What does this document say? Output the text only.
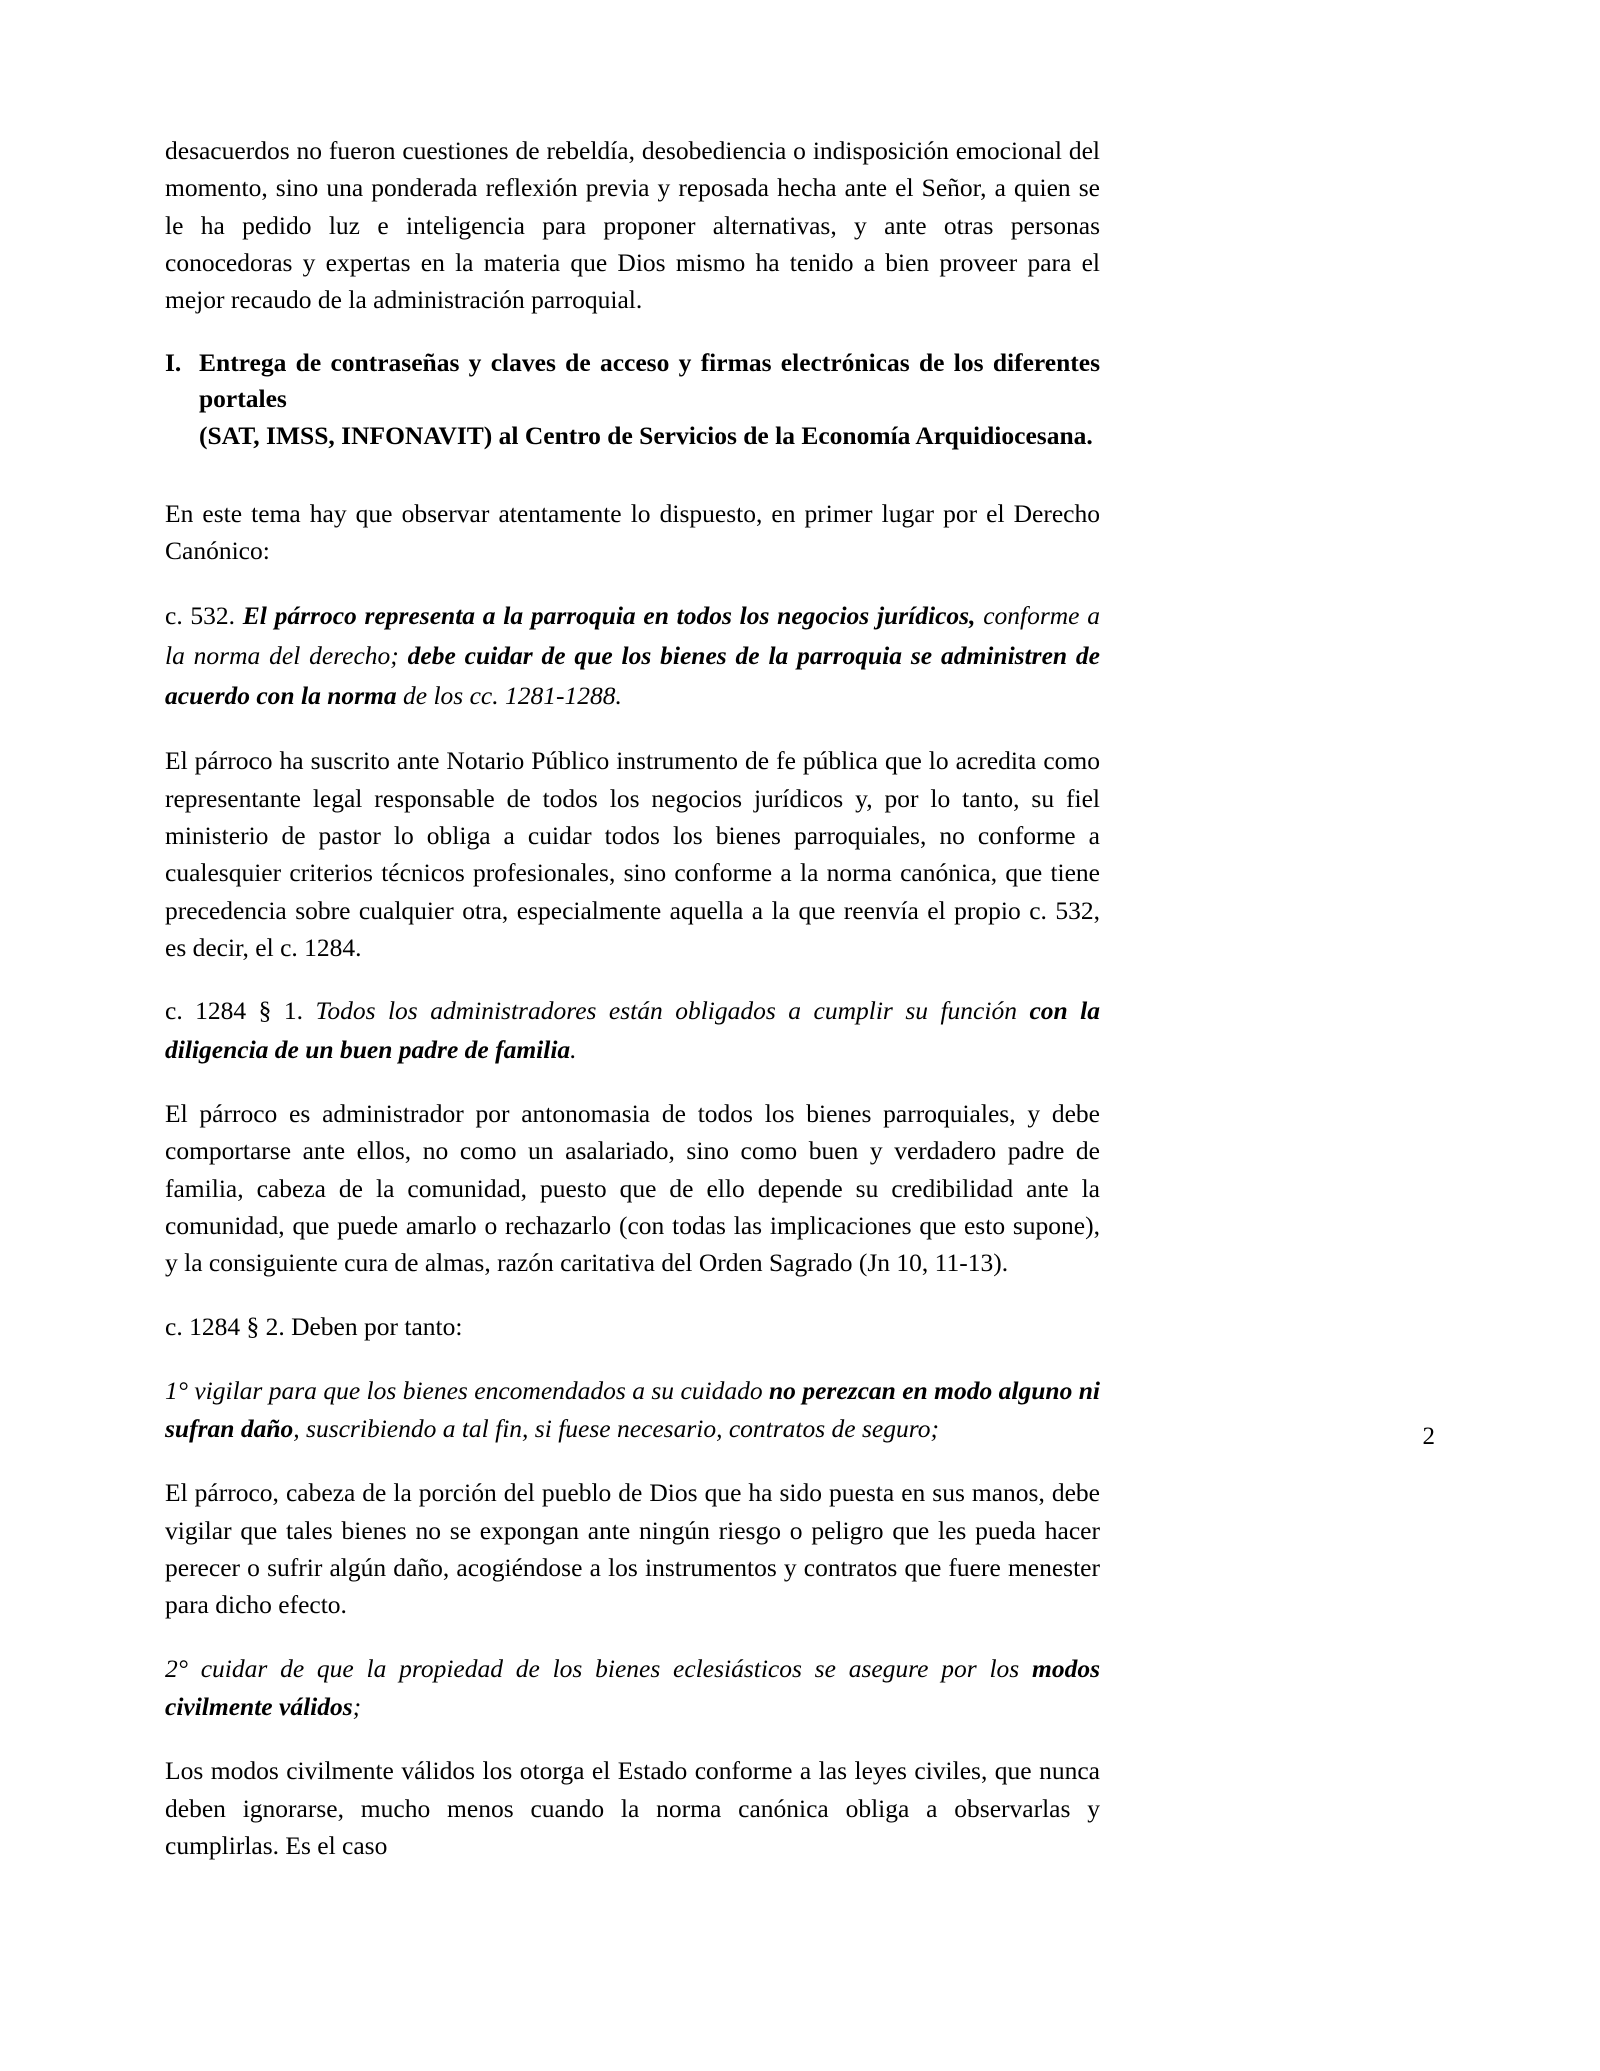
desacuerdos no fueron cuestiones de rebeldía, desobediencia o indisposición emocional del momento, sino una ponderada reflexión previa y reposada hecha ante el Señor, a quien se le ha pedido luz e inteligencia para proponer alternativas, y ante otras personas conocedoras y expertas en la materia que Dios mismo ha tenido a bien proveer para el mejor recaudo de la administración parroquial.

I. Entrega de contraseñas y claves de acceso y firmas electrónicas de los diferentes portales
(SAT, IMSS, INFONAVIT) al Centro de Servicios de la Economía Arquidiocesana.

En este tema hay que observar atentamente lo dispuesto, en primer lugar por el Derecho Canónico:

c. 532. El párroco representa a la parroquia en todos los negocios jurídicos, conforme a la norma del derecho; debe cuidar de que los bienes de la parroquia se administren de acuerdo con la norma de los cc. 1281-1288.

El párroco ha suscrito ante Notario Público instrumento de fe pública que lo acredita como representante legal responsable de todos los negocios jurídicos y, por lo tanto, su fiel ministerio de pastor lo obliga a cuidar todos los bienes parroquiales, no conforme a cualesquier criterios técnicos profesionales, sino conforme a la norma canónica, que tiene precedencia sobre cualquier otra, especialmente aquella a la que reenvía el propio c. 532, es decir, el c. 1284.

c. 1284 § 1. Todos los administradores están obligados a cumplir su función con la diligencia de un buen padre de familia.

El párroco es administrador por antonomasia de todos los bienes parroquiales, y debe comportarse ante ellos, no como un asalariado, sino como buen y verdadero padre de familia, cabeza de la comunidad, puesto que de ello depende su credibilidad ante la comunidad, que puede amarlo o rechazarlo (con todas las implicaciones que esto supone), y la consiguiente cura de almas, razón caritativa del Orden Sagrado (Jn 10, 11-13).

c. 1284 § 2. Deben por tanto:

1° vigilar para que los bienes encomendados a su cuidado no perezcan en modo alguno ni sufran daño, suscribiendo a tal fin, si fuese necesario, contratos de seguro;

El párroco, cabeza de la porción del pueblo de Dios que ha sido puesta en sus manos, debe vigilar que tales bienes no se expongan ante ningún riesgo o peligro que les pueda hacer perecer o sufrir algún daño, acogiéndose a los instrumentos y contratos que fuere menester para dicho efecto.

2° cuidar de que la propiedad de los bienes eclesiásticos se asegure por los modos civilmente válidos;

Los modos civilmente válidos los otorga el Estado conforme a las leyes civiles, que nunca deben ignorarse, mucho menos cuando la norma canónica obliga a observarlas y cumplirlas. Es el caso

2
